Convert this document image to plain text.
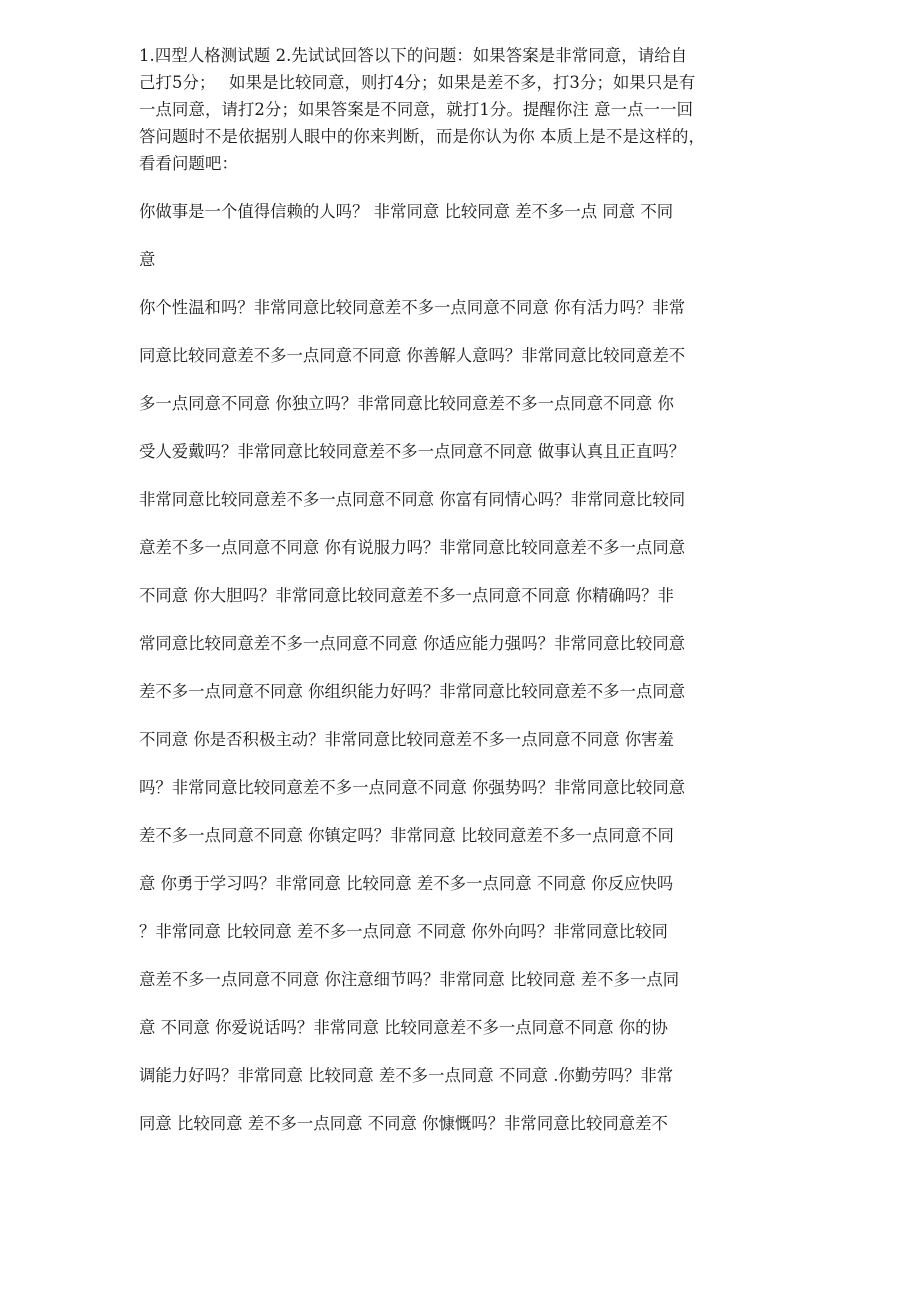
1.四型人格测试题 2.先试试回答以下的问题：如果答案是非常同意，请给自
己打5分；　 如果是比较同意，则打4分；如果是差不多，打3分；如果只是有
一点同意，请打2分；如果答案是不同意，就打1分。提醒你注 意一点一一回
答问题时不是依据别人眼中的你来判断，而是你认为你 本质上是不是这样的，
看看问题吧：

你做事是一个值得信赖的人吗？ 非常同意 比较同意 差不多一点 同意 不同

意

你个性温和吗？非常同意比较同意差不多一点同意不同意 你有活力吗？非常

同意比较同意差不多一点同意不同意 你善解人意吗？非常同意比较同意差不

多一点同意不同意 你独立吗？非常同意比较同意差不多一点同意不同意 你

受人爱戴吗？非常同意比较同意差不多一点同意不同意 做事认真且正直吗？

非常同意比较同意差不多一点同意不同意 你富有同情心吗？非常同意比较同

意差不多一点同意不同意 你有说服力吗？非常同意比较同意差不多一点同意

不同意 你大胆吗？非常同意比较同意差不多一点同意不同意 你精确吗？非

常同意比较同意差不多一点同意不同意 你适应能力强吗？非常同意比较同意

差不多一点同意不同意 你组织能力好吗？非常同意比较同意差不多一点同意

不同意 你是否积极主动？非常同意比较同意差不多一点同意不同意 你害羞

吗？非常同意比较同意差不多一点同意不同意 你强势吗？非常同意比较同意

差不多一点同意不同意 你镇定吗？非常同意 比较同意差不多一点同意不同

意 你勇于学习吗？非常同意 比较同意 差不多一点同意 不同意 你反应快吗

？非常同意 比较同意 差不多一点同意 不同意 你外向吗？非常同意比较同

意差不多一点同意不同意 你注意细节吗？非常同意 比较同意 差不多一点同

意 不同意 你爱说话吗？非常同意 比较同意差不多一点同意不同意 你的协

调能力好吗？非常同意 比较同意 差不多一点同意 不同意 .你勤劳吗？非常

同意 比较同意 差不多一点同意 不同意 你慷慨吗？非常同意比较同意差不
